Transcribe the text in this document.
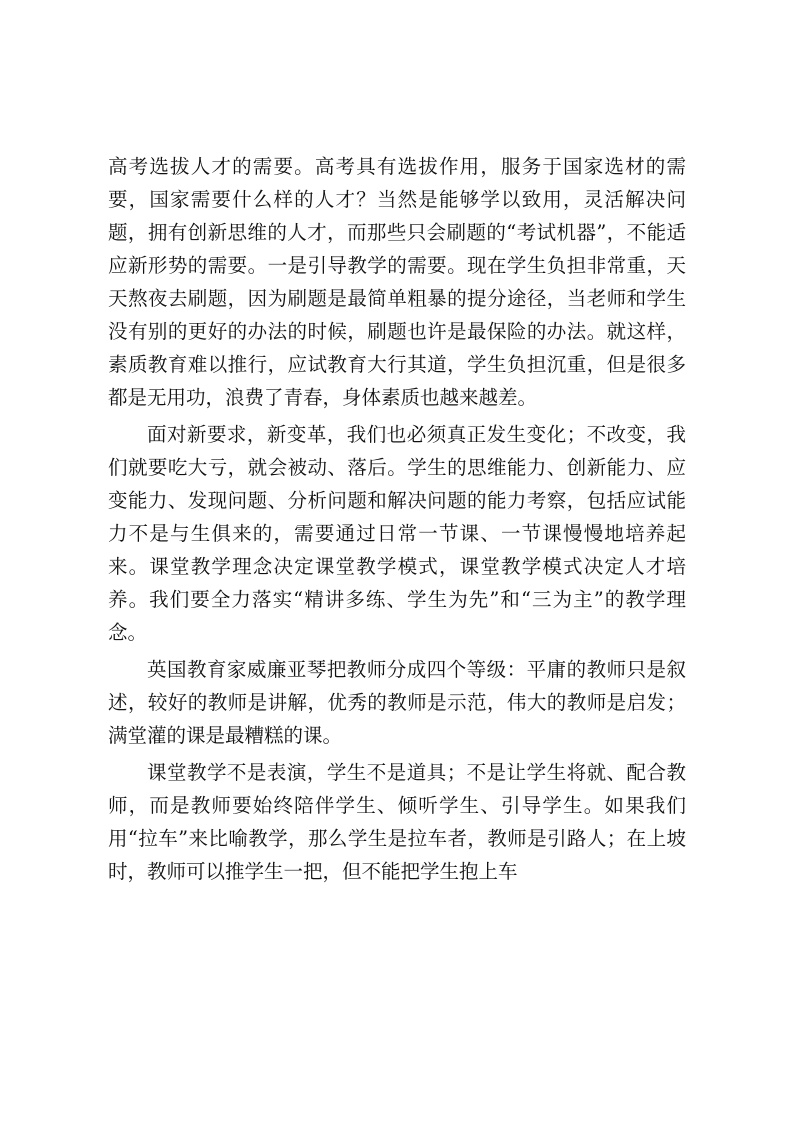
高考选拔人才的需要。高考具有选拔作用，服务于国家选材的需要，国家需要什么样的人才？当然是能够学以致用，灵活解决问题，拥有创新思维的人才，而那些只会刷题的“考试机器”，不能适应新形势的需要。一是引导教学的需要。现在学生负担非常重，天天熬夜去刷题，因为刷题是最简单粗暴的提分途径，当老师和学生没有别的更好的办法的时候，刷题也许是最保险的办法。就这样，素质教育难以推行，应试教育大行其道，学生负担沉重，但是很多都是无用功，浪费了青春，身体素质也越来越差。

面对新要求，新变革，我们也必须真正发生变化；不改变，我们就要吃大亏，就会被动、落后。学生的思维能力、创新能力、应变能力、发现问题、分析问题和解决问题的能力考察，包括应试能力不是与生俱来的，需要通过日常一节课、一节课慢慢地培养起来。课堂教学理念决定课堂教学模式，课堂教学模式决定人才培养。我们要全力落实“精讲多练、学生为先”和“三为主”的教学理念。

英国教育家威廉亚琴把教师分成四个等级：平庸的教师只是叙述，较好的教师是讲解，优秀的教师是示范，伟大的教师是启发；满堂灌的课是最糟糕的课。

课堂教学不是表演，学生不是道具；不是让学生将就、配合教师，而是教师要始终陪伴学生、倾听学生、引导学生。如果我们用“拉车”来比喻教学，那么学生是拉车者，教师是引路人；在上坡时，教师可以推学生一把，但不能把学生抱上车
